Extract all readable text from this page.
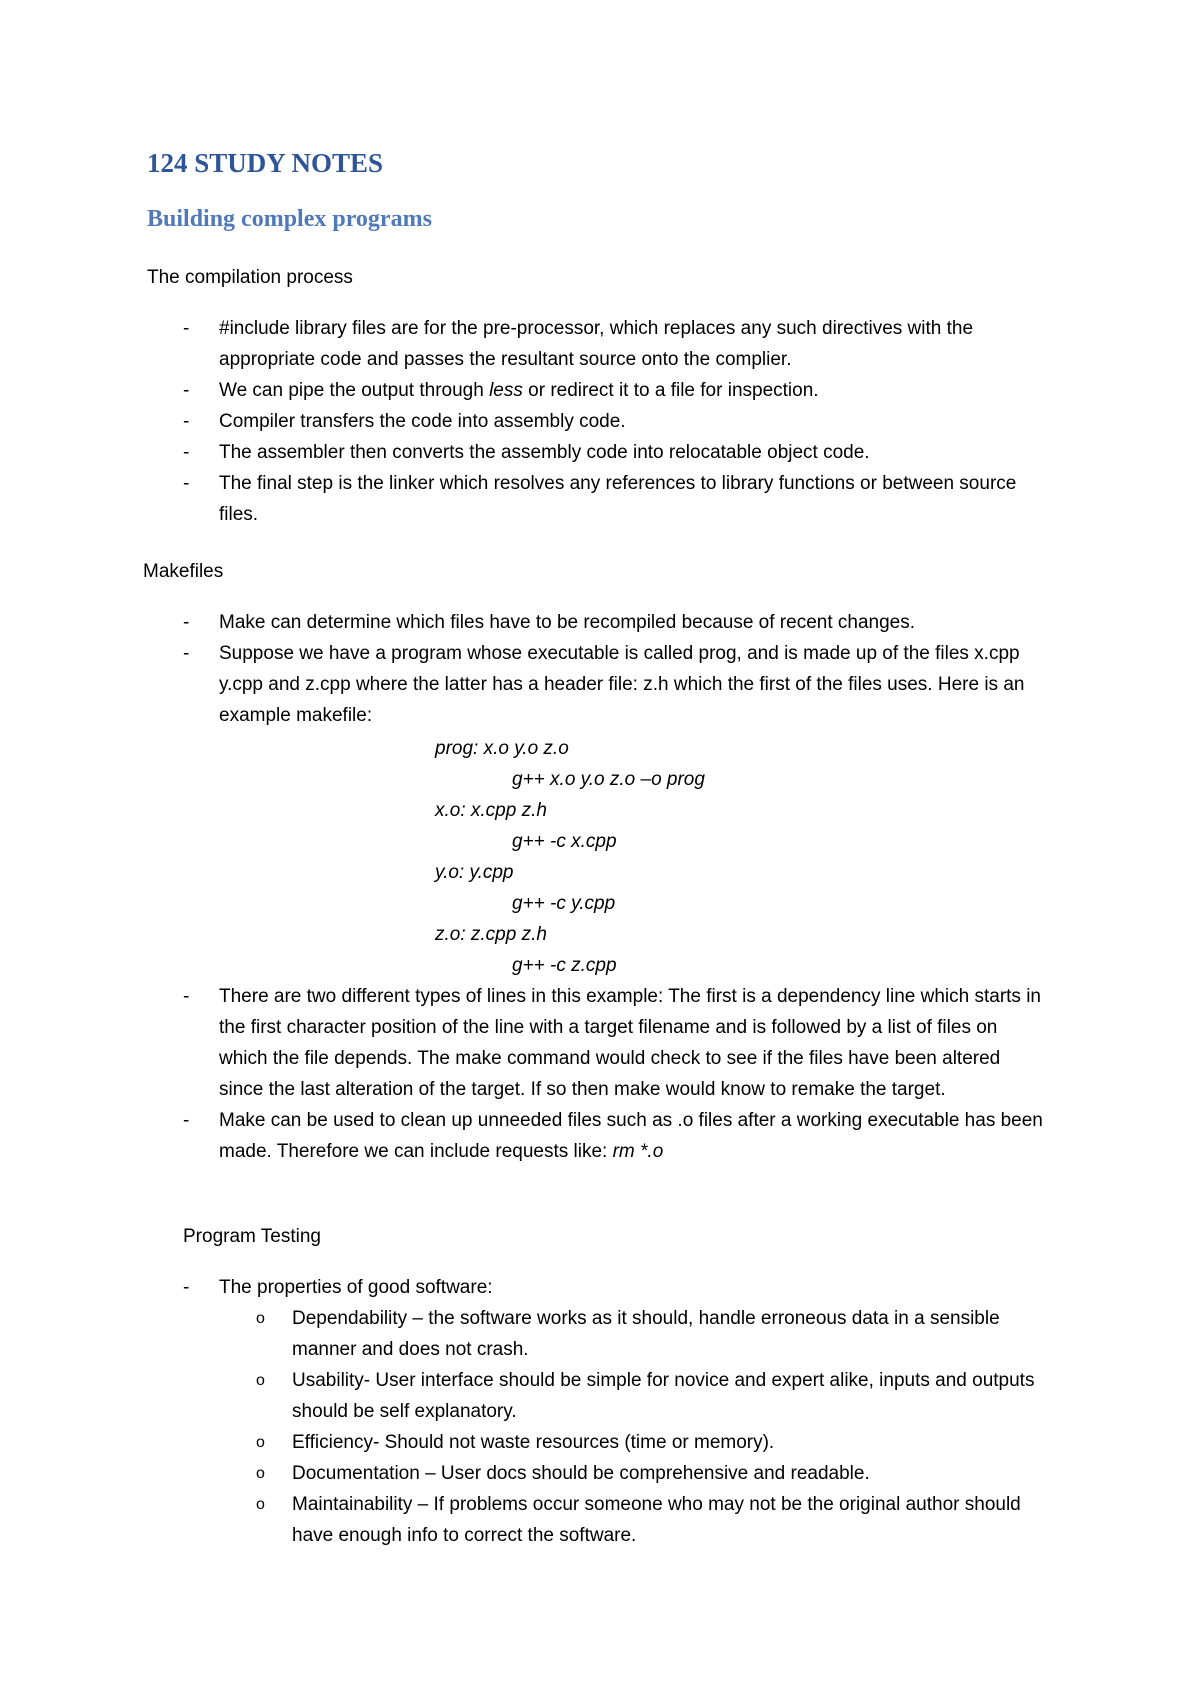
124 STUDY NOTES
Building complex programs

The compilation process

- #include library files are for the pre-processor, which replaces any such directives with the appropriate code and passes the resultant source onto the complier.
- We can pipe the output through less or redirect it to a file for inspection.
- Compiler transfers the code into assembly code.
- The assembler then converts the assembly code into relocatable object code.
- The final step is the linker which resolves any references to library functions or between source files.

Makefiles

- Make can determine which files have to be recompiled because of recent changes.
- Suppose we have a program whose executable is called prog, and is made up of the files x.cpp y.cpp and z.cpp where the latter has a header file: z.h which the first of the files uses. Here is an example makefile:
prog: x.o y.o z.o
g++ x.o y.o z.o –o prog
x.o: x.cpp z.h
g++ -c x.cpp
y.o: y.cpp
g++ -c y.cpp
z.o: z.cpp z.h
g++ -c z.cpp
- There are two different types of lines in this example: The first is a dependency line which starts in the first character position of the line with a target filename and is followed by a list of files on which the file depends. The make command would check to see if the files have been altered since the last alteration of the target. If so then make would know to remake the target.
- Make can be used to clean up unneeded files such as .o files after a working executable has been made. Therefore we can include requests like: rm *.o

Program Testing

- The properties of good software:
o Dependability – the software works as it should, handle erroneous data in a sensible manner and does not crash.
o Usability- User interface should be simple for novice and expert alike, inputs and outputs should be self explanatory.
o Efficiency- Should not waste resources (time or memory).
o Documentation – User docs should be comprehensive and readable.
o Maintainability – If problems occur someone who may not be the original author should have enough info to correct the software.
